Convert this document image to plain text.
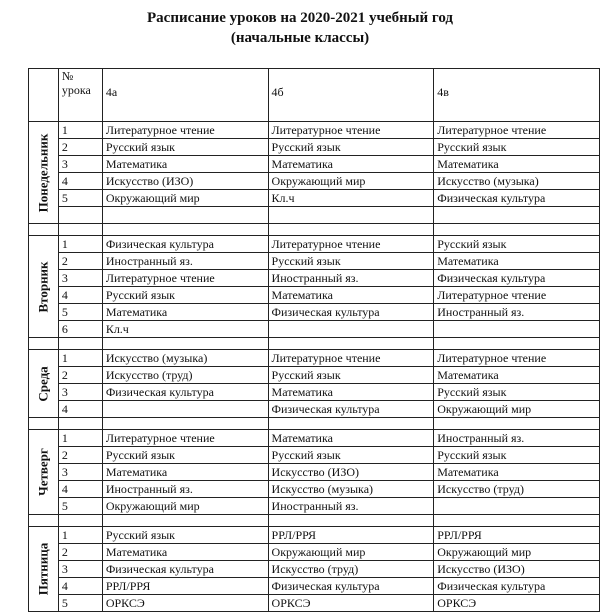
Расписание уроков на 2020-2021 учебный год
(начальные классы)
	№ урока	4а	4б	4в

Понедельник	1	Литературное чтение	Литературное чтение	Литературное чтение
	2	Русский язык	Русский язык	Русский язык
	3	Математика	Математика	Математика
	4	Искусство (ИЗО)	Окружающий мир	Искусство (музыка)
	5	Окружающий мир	Кл.ч	Физическая культура

Вторник	1	Физическая культура	Литературное чтение	Русский язык
	2	Иностранный яз.	Русский язык	Математика
	3	Литературное чтение	Иностранный яз.	Физическая культура
	4	Русский язык	Математика	Литературное чтение
	5	Математика	Физическая культура	Иностранный яз.
	6	Кл.ч		

Среда	1	Искусство (музыка)	Литературное чтение	Литературное чтение
	2	Искусство (труд)	Русский язык	Математика
	3	Физическая культура	Математика	Русский язык
	4		Физическая культура	Окружающий мир

Четверг	1	Литературное чтение	Математика	Иностранный яз.
	2	Русский язык	Русский язык	Русский язык
	3	Математика	Искусство (ИЗО)	Математика
	4	Иностранный яз.	Искусство (музыка)	Искусство (труд)
	5	Окружающий мир	Иностранный яз.	

Пятница	1	Русский язык	РРЛ/РРЯ	РРЛ/РРЯ
	2	Математика	Окружающий мир	Окружающий мир
	3	Физическая культура	Искусство (труд)	Искусство (ИЗО)
	4	РРЛ/РРЯ	Физическая культура	Физическая культура
	5	ОРКСЭ	ОРКСЭ	ОРКСЭ
